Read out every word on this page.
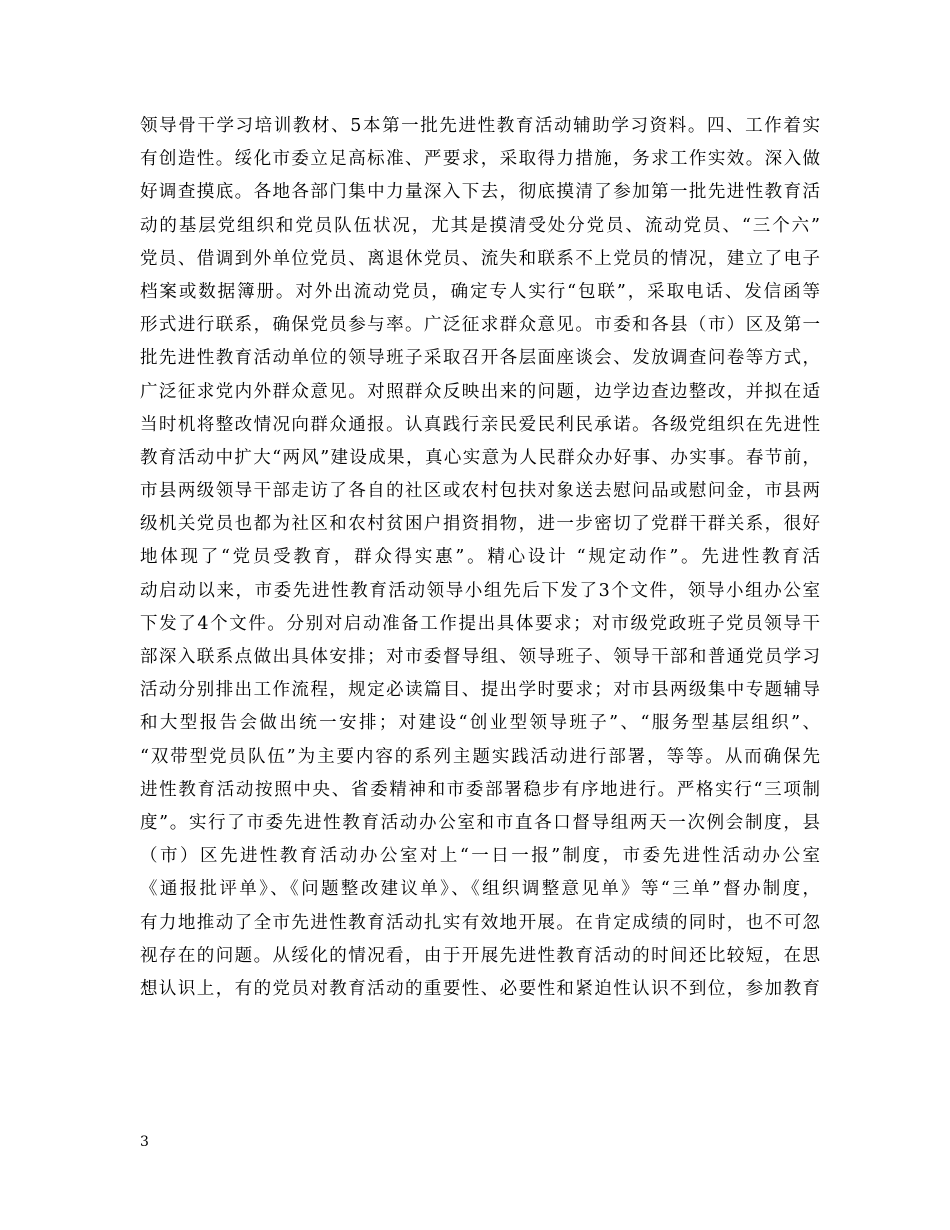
领导骨干学习培训教材、5本第一批先进性教育活动辅助学习资料。四、工作着实
有创造性。绥化市委立足高标准、严要求，采取得力措施，务求工作实效。深入做
好调查摸底。各地各部门集中力量深入下去，彻底摸清了参加第一批先进性教育活
动的基层党组织和党员队伍状况，尤其是摸清受处分党员、流动党员、“三个六”
党员、借调到外单位党员、离退休党员、流失和联系不上党员的情况，建立了电子
档案或数据簿册。对外出流动党员，确定专人实行“包联”，采取电话、发信函等
形式进行联系，确保党员参与率。广泛征求群众意见。市委和各县（市）区及第一
批先进性教育活动单位的领导班子采取召开各层面座谈会、发放调查问卷等方式，
广泛征求党内外群众意见。对照群众反映出来的问题，边学边查边整改，并拟在适
当时机将整改情况向群众通报。认真践行亲民爱民利民承诺。各级党组织在先进性
教育活动中扩大“两风”建设成果，真心实意为人民群众办好事、办实事。春节前，
市县两级领导干部走访了各自的社区或农村包扶对象送去慰问品或慰问金，市县两
级机关党员也都为社区和农村贫困户捐资捐物，进一步密切了党群干群关系，很好
地体现了“党员受教育，群众得实惠”。精心设计 “规定动作”。先进性教育活
动启动以来，市委先进性教育活动领导小组先后下发了3个文件，领导小组办公室
下发了4个文件。分别对启动准备工作提出具体要求；对市级党政班子党员领导干
部深入联系点做出具体安排；对市委督导组、领导班子、领导干部和普通党员学习
活动分别排出工作流程，规定必读篇目、提出学时要求；对市县两级集中专题辅导
和大型报告会做出统一安排；对建设“创业型领导班子”、“服务型基层组织”、
“双带型党员队伍”为主要内容的系列主题实践活动进行部署，等等。从而确保先
进性教育活动按照中央、省委精神和市委部署稳步有序地进行。严格实行“三项制
度”。实行了市委先进性教育活动办公室和市直各口督导组两天一次例会制度，县
（市）区先进性教育活动办公室对上“一日一报”制度，市委先进性活动办公室
《通报批评单》、《问题整改建议单》、《组织调整意见单》等“三单”督办制度，
有力地推动了全市先进性教育活动扎实有效地开展。在肯定成绩的同时，也不可忽
视存在的问题。从绥化的情况看，由于开展先进性教育活动的时间还比较短，在思
想认识上，有的党员对教育活动的重要性、必要性和紧迫性认识不到位，参加教育
3
